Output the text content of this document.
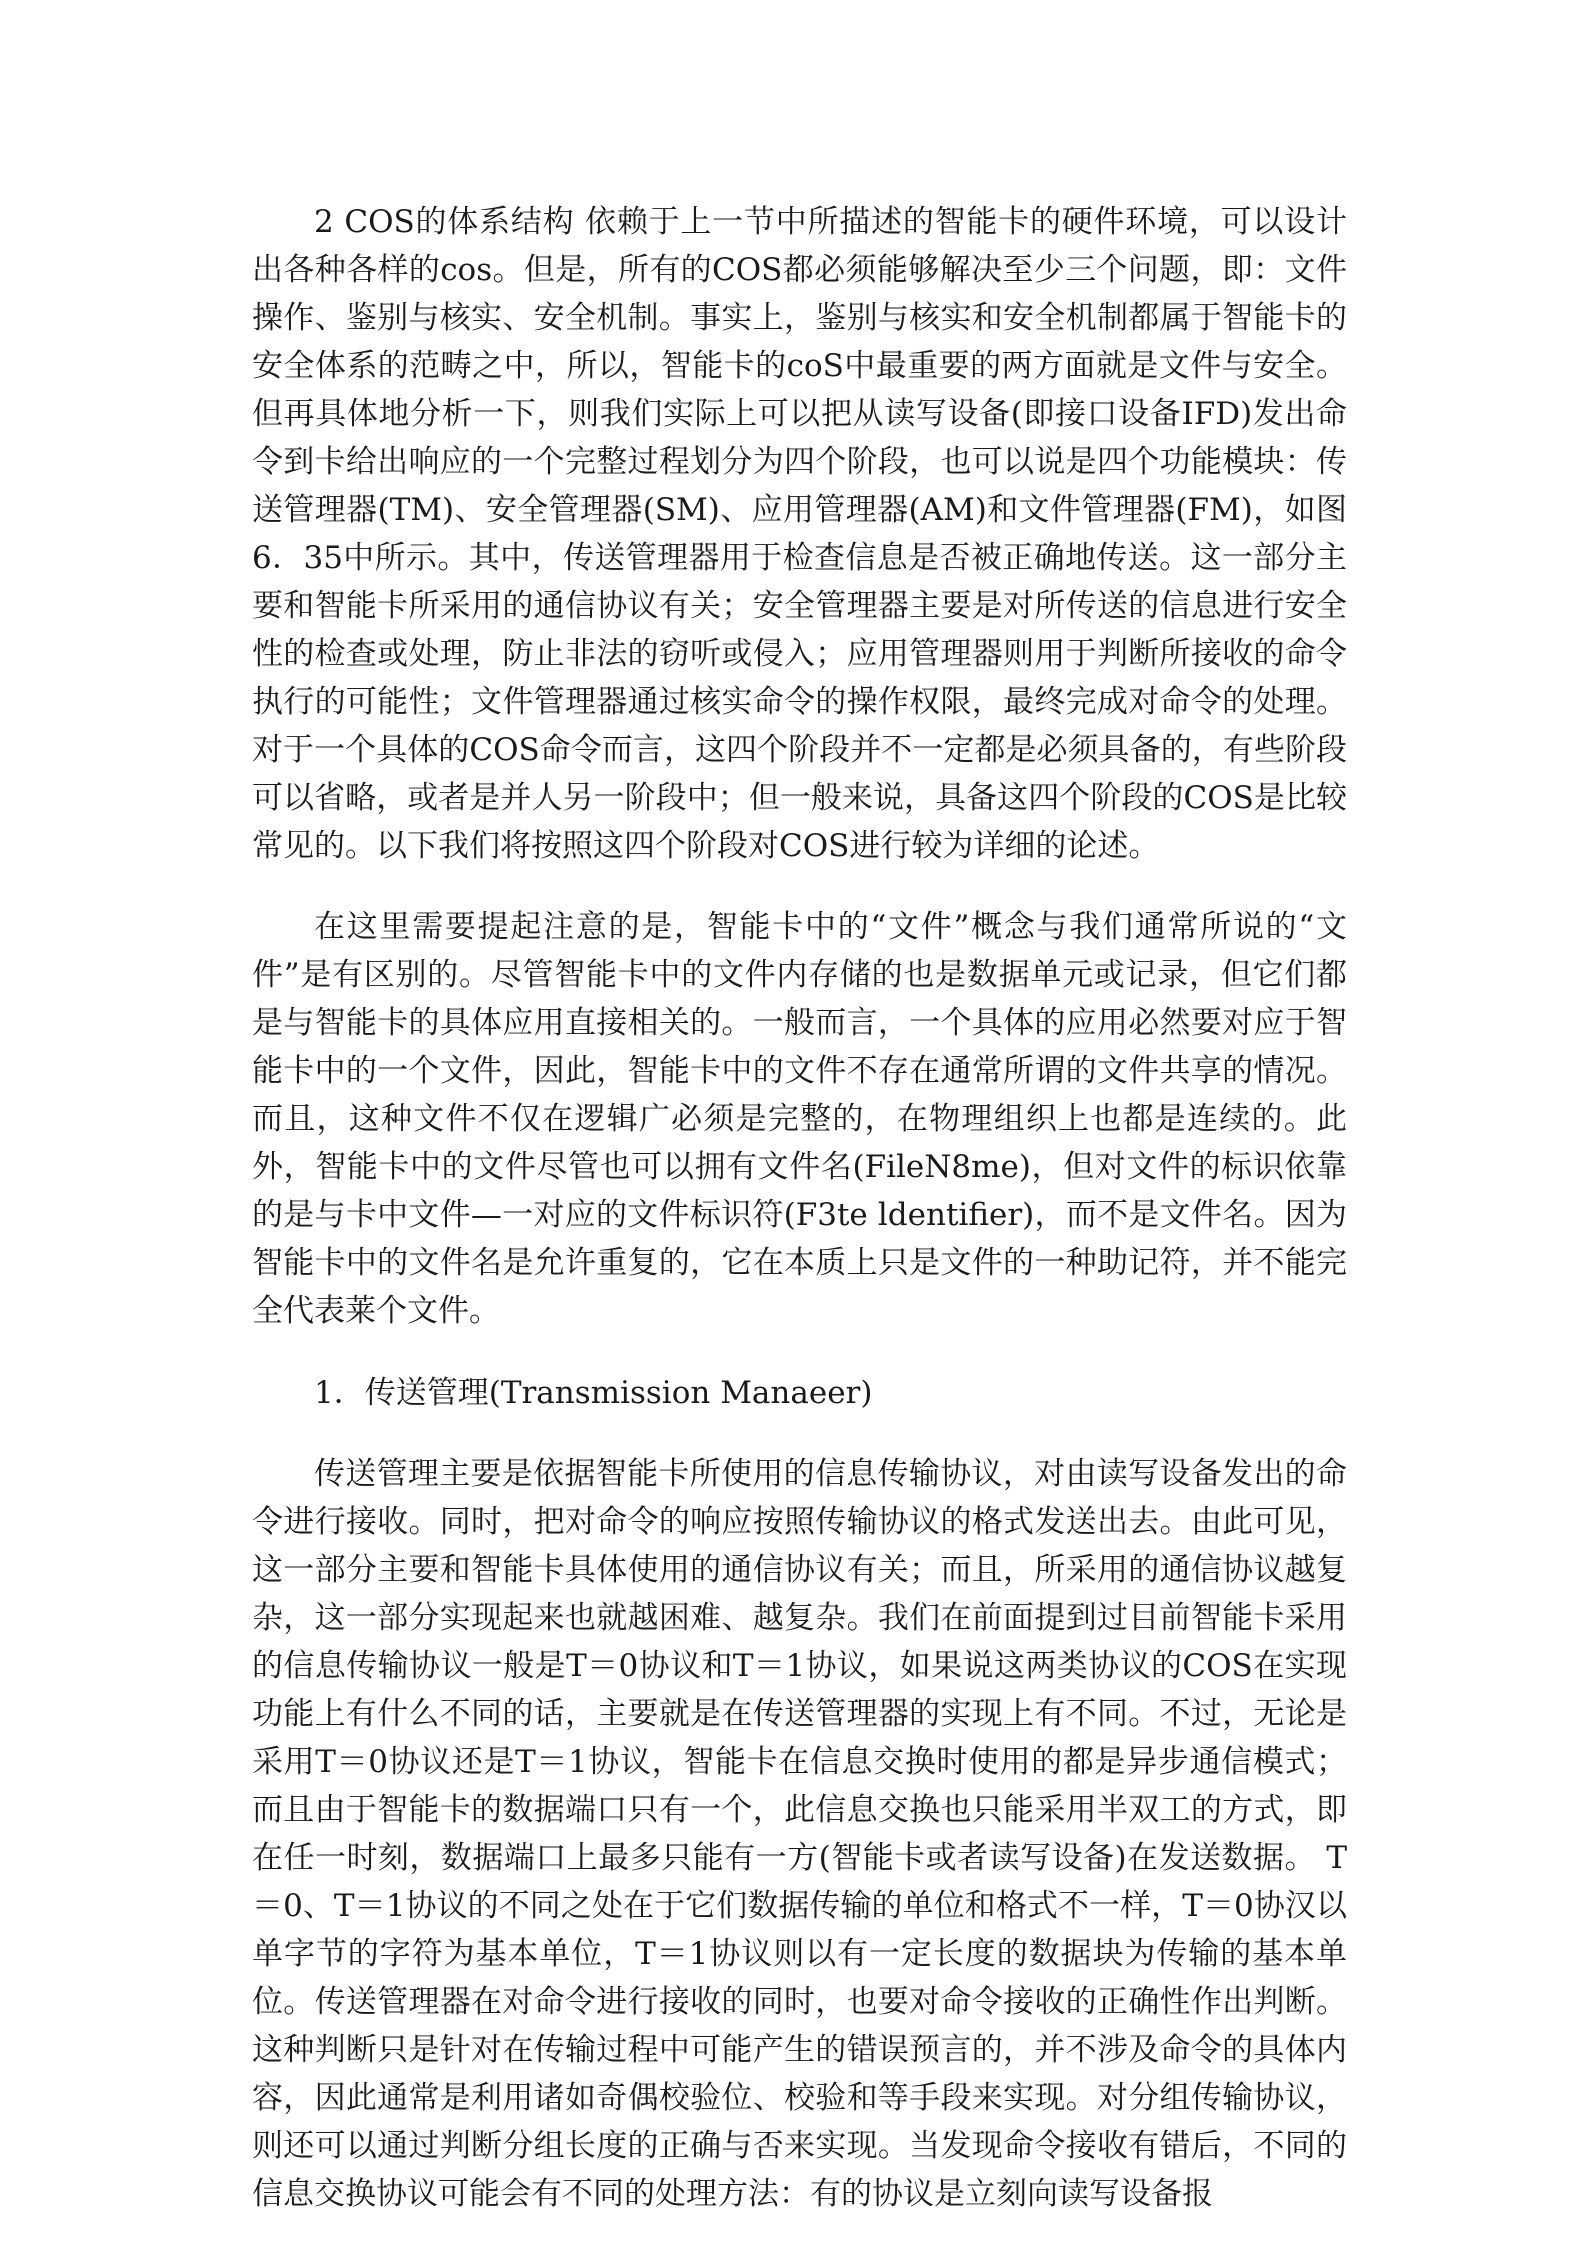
2 COS的体系结构 依赖于上一节中所描述的智能卡的硬件环境，可以设计出各种各样的cos。但是，所有的COS都必须能够解决至少三个问题，即：文件操作、鉴别与核实、安全机制。事实上，鉴别与核实和安全机制都属于智能卡的安全体系的范畴之中，所以，智能卡的coS中最重要的两方面就是文件与安全。但再具体地分析一下，则我们实际上可以把从读写设备(即接口设备IFD)发出命令到卡给出响应的一个完整过程划分为四个阶段，也可以说是四个功能模块：传送管理器(TM)、安全管理器(SM)、应用管理器(AM)和文件管理器(FM)，如图6．35中所示。其中，传送管理器用于检查信息是否被正确地传送。这一部分主要和智能卡所采用的通信协议有关；安全管理器主要是对所传送的信息进行安全性的检查或处理，防止非法的窃听或侵入；应用管理器则用于判断所接收的命令执行的可能性；文件管理器通过核实命令的操作权限，最终完成对命令的处理。对于一个具体的COS命令而言，这四个阶段并不一定都是必须具备的，有些阶段可以省略，或者是并人另一阶段中；但一般来说，具备这四个阶段的COS是比较常见的。以下我们将按照这四个阶段对COS进行较为详细的论述。

在这里需要提起注意的是，智能卡中的“文件”概念与我们通常所说的“文件”是有区别的。尽管智能卡中的文件内存储的也是数据单元或记录，但它们都是与智能卡的具体应用直接相关的。一般而言，一个具体的应用必然要对应于智能卡中的一个文件，因此，智能卡中的文件不存在通常所谓的文件共享的情况。而且，这种文件不仅在逻辑广必须是完整的，在物理组织上也都是连续的。此外，智能卡中的文件尽管也可以拥有文件名(FileN8me)，但对文件的标识依靠的是与卡中文件—一对应的文件标识符(F3te ldentifier)，而不是文件名。因为智能卡中的文件名是允许重复的，它在本质上只是文件的一种助记符，并不能完全代表莱个文件。

1．传送管理(Transmission Manaeer)

传送管理主要是依据智能卡所使用的信息传输协议，对由读写设备发出的命令进行接收。同时，把对命令的响应按照传输协议的格式发送出去。由此可见，这一部分主要和智能卡具体使用的通信协议有关；而且，所采用的通信协议越复杂，这一部分实现起来也就越困难、越复杂。我们在前面提到过目前智能卡采用的信息传输协议一般是T＝0协议和T＝1协议，如果说这两类协议的COS在实现功能上有什么不同的话，主要就是在传送管理器的实现上有不同。不过，无论是采用T＝0协议还是T＝1协议，智能卡在信息交换时使用的都是异步通信模式；而且由于智能卡的数据端口只有一个，此信息交换也只能采用半双工的方式，即在任一时刻，数据端口上最多只能有一方(智能卡或者读写设备)在发送数据。 T＝0、T＝1协议的不同之处在于它们数据传输的单位和格式不一样，T＝0协汉以单字节的字符为基本单位，T＝1协议则以有一定长度的数据块为传输的基本单位。传送管理器在对命令进行接收的同时，也要对命令接收的正确性作出判断。这种判断只是针对在传输过程中可能产生的错误预言的，并不涉及命令的具体内容，因此通常是利用诸如奇偶校验位、校验和等手段来实现。对分组传输协议，则还可以通过判断分组长度的正确与否来实现。当发现命令接收有错后，不同的信息交换协议可能会有不同的处理方法：有的协议是立刻向读写设备报
